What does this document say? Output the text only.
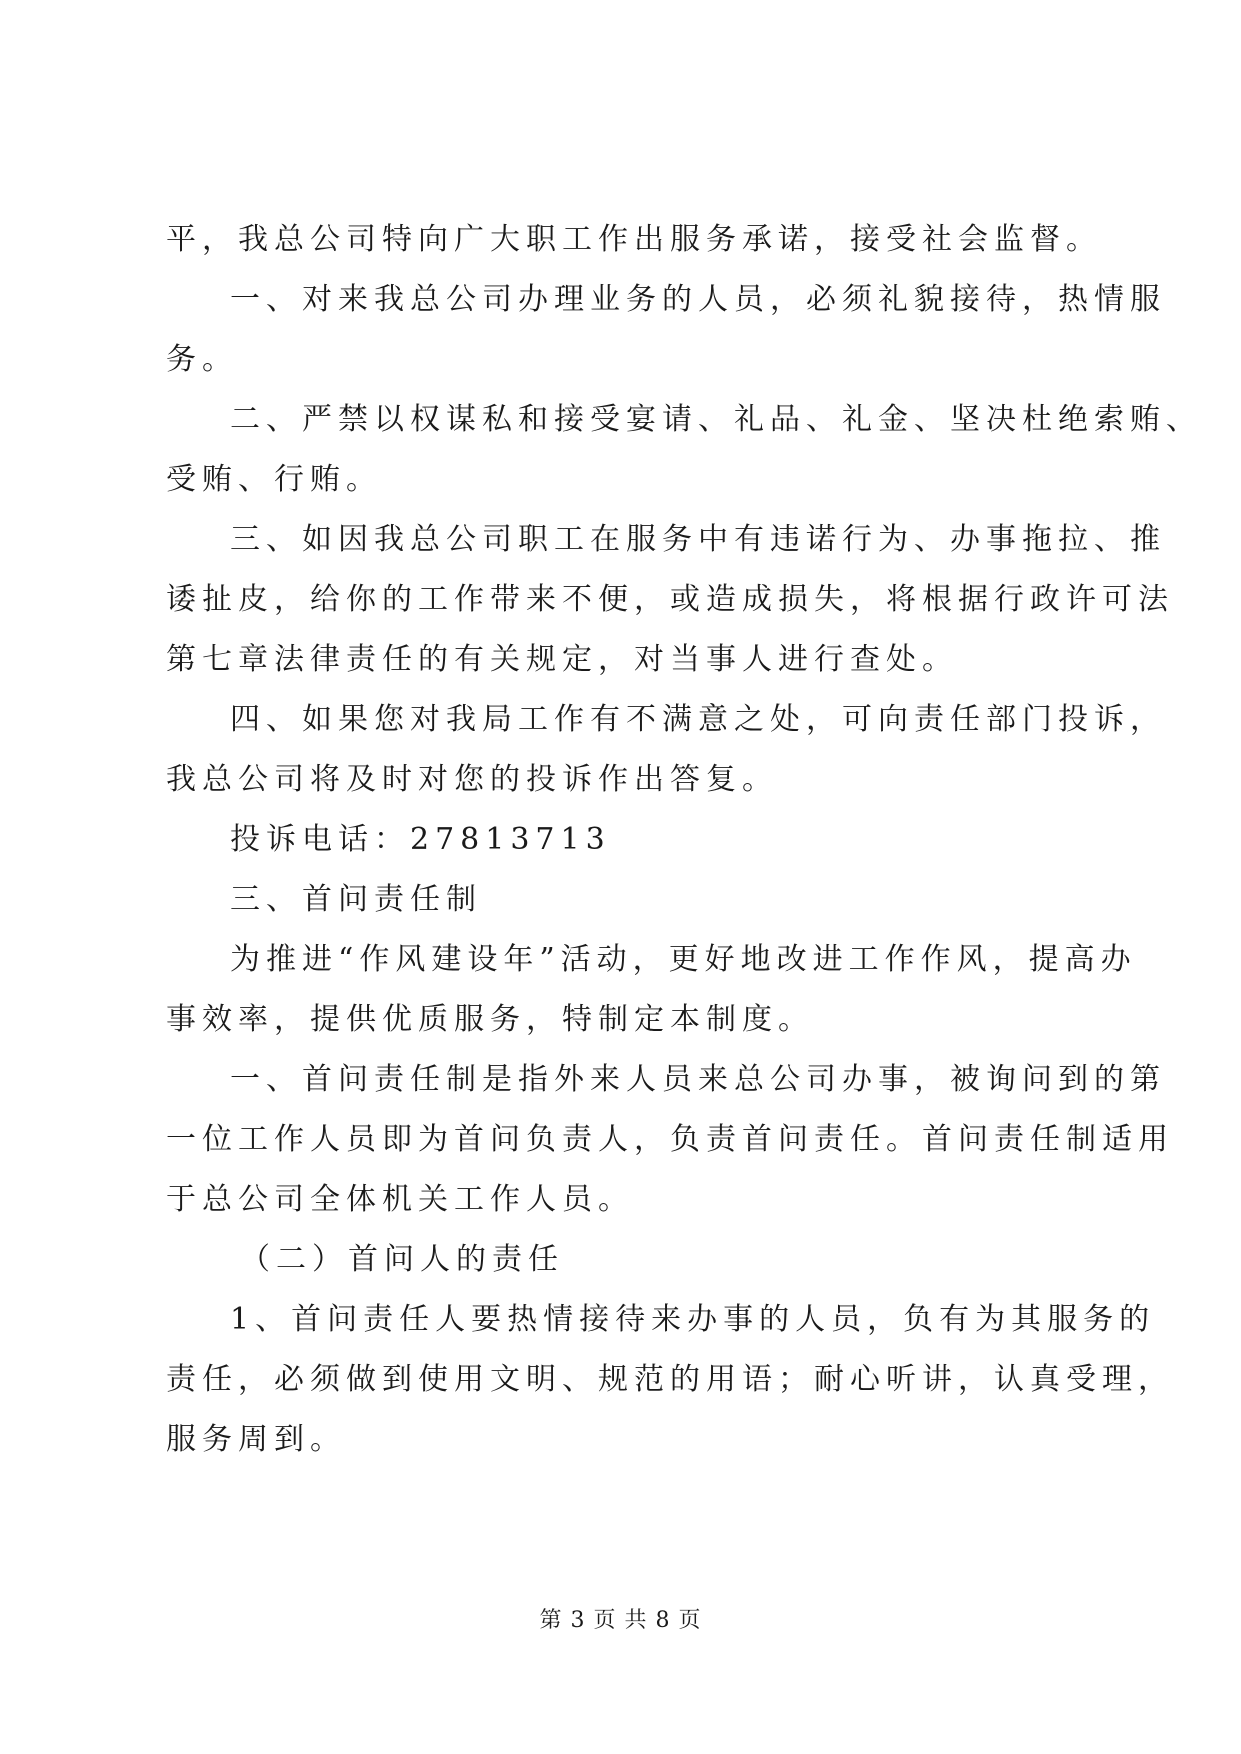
平，我总公司特向广大职工作出服务承诺，接受社会监督。
一、对来我总公司办理业务的人员，必须礼貌接待，热情服
务。
二、严禁以权谋私和接受宴请、礼品、礼金、坚决杜绝索贿、
受贿、行贿。
三、如因我总公司职工在服务中有违诺行为、办事拖拉、推
诿扯皮，给你的工作带来不便，或造成损失，将根据行政许可法
第七章法律责任的有关规定，对当事人进行查处。
四、如果您对我局工作有不满意之处，可向责任部门投诉，
我总公司将及时对您的投诉作出答复。
投诉电话：27813713
三、首问责任制
为推进“作风建设年”活动，更好地改进工作作风，提高办
事效率，提供优质服务，特制定本制度。
一、首问责任制是指外来人员来总公司办事，被询问到的第
一位工作人员即为首问负责人，负责首问责任。首问责任制适用
于总公司全体机关工作人员。
（二）首问人的责任
1、首问责任人要热情接待来办事的人员，负有为其服务的
责任，必须做到使用文明、规范的用语；耐心听讲，认真受理，
服务周到。
第 3 页 共 8 页
